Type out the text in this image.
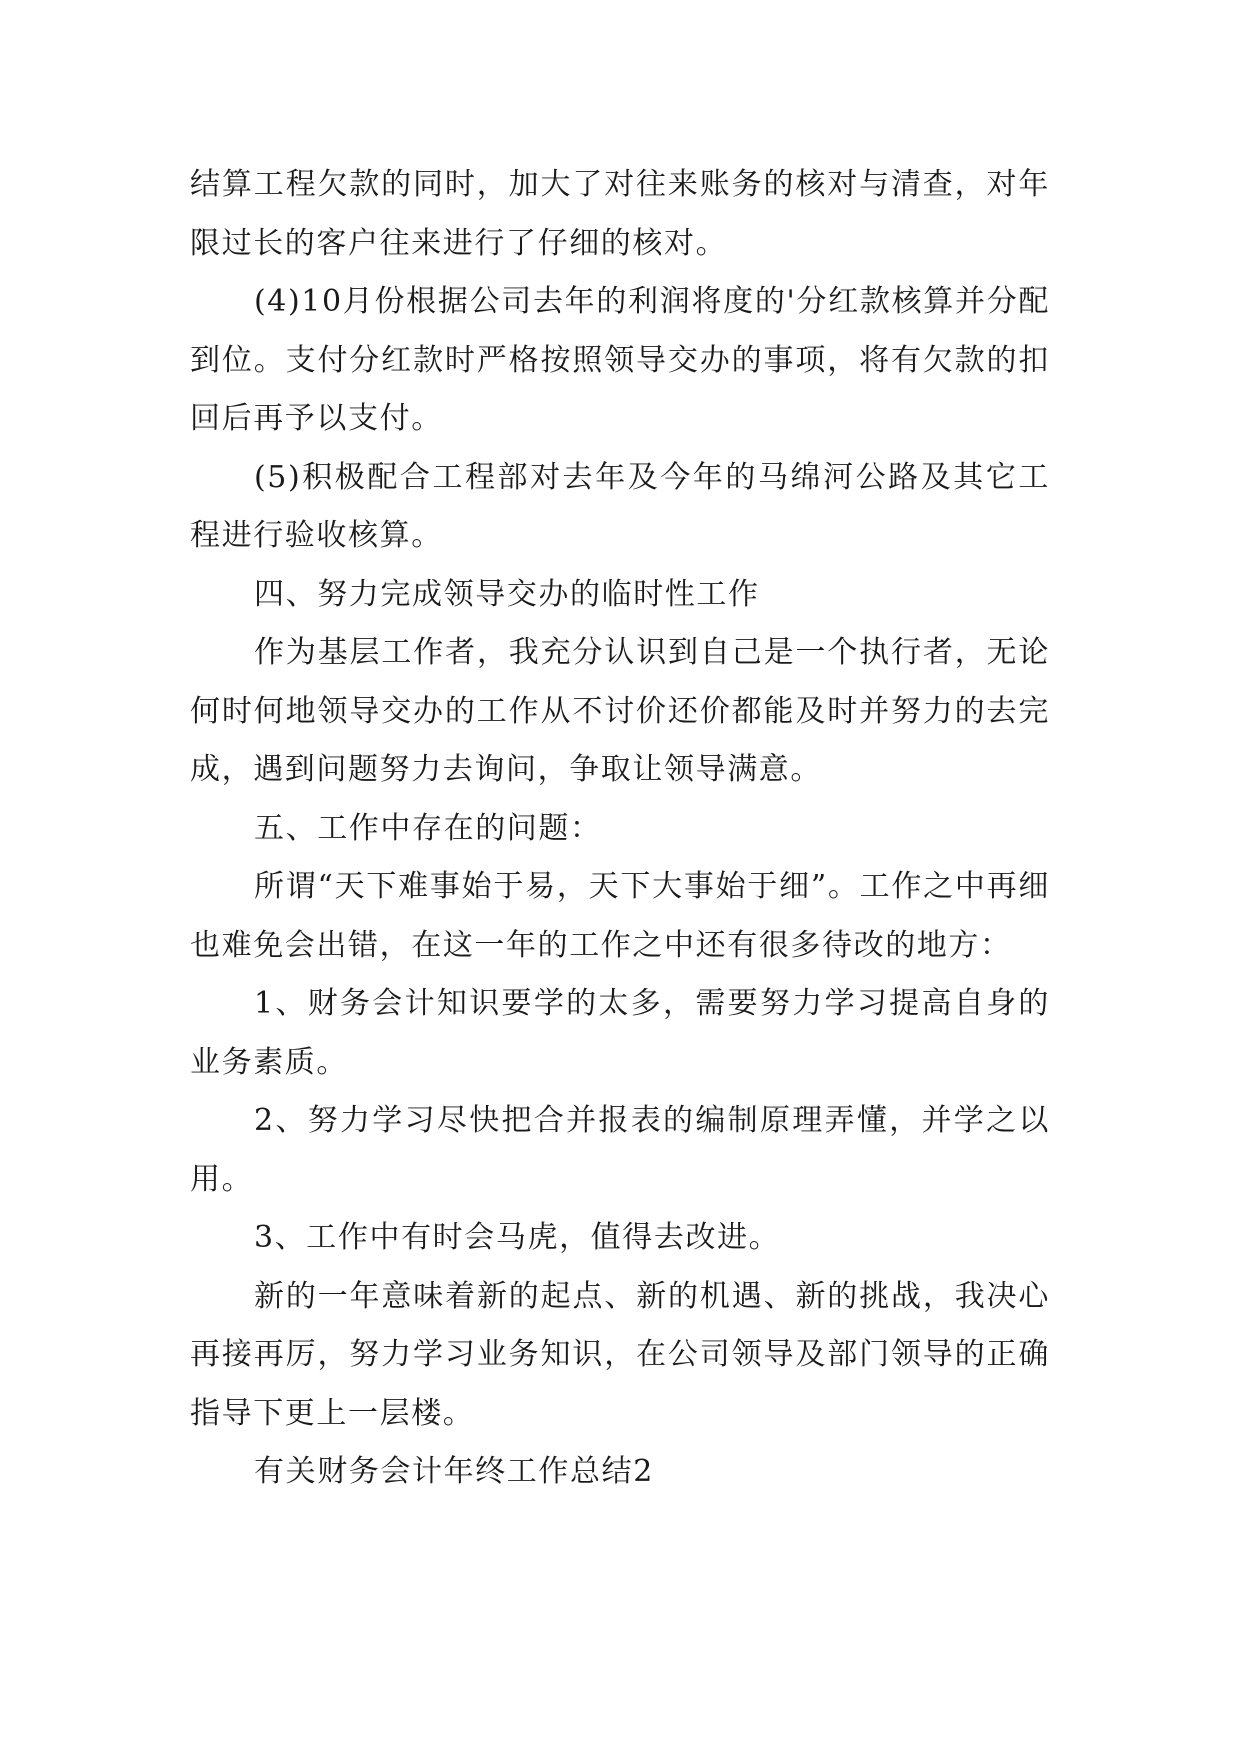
结算工程欠款的同时，加大了对往来账务的核对与清查，对年限过长的客户往来进行了仔细的核对。

(4)10月份根据公司去年的利润将度的'分红款核算并分配到位。支付分红款时严格按照领导交办的事项，将有欠款的扣回后再予以支付。

(5)积极配合工程部对去年及今年的马绵河公路及其它工程进行验收核算。

四、努力完成领导交办的临时性工作

作为基层工作者，我充分认识到自己是一个执行者，无论何时何地领导交办的工作从不讨价还价都能及时并努力的去完成，遇到问题努力去询问，争取让领导满意。

五、工作中存在的问题：

所谓“天下难事始于易，天下大事始于细”。工作之中再细也难免会出错，在这一年的工作之中还有很多待改的地方：

1、财务会计知识要学的太多，需要努力学习提高自身的业务素质。

2、努力学习尽快把合并报表的编制原理弄懂，并学之以用。

3、工作中有时会马虎，值得去改进。

新的一年意味着新的起点、新的机遇、新的挑战，我决心再接再厉，努力学习业务知识，在公司领导及部门领导的正确指导下更上一层楼。

有关财务会计年终工作总结2
